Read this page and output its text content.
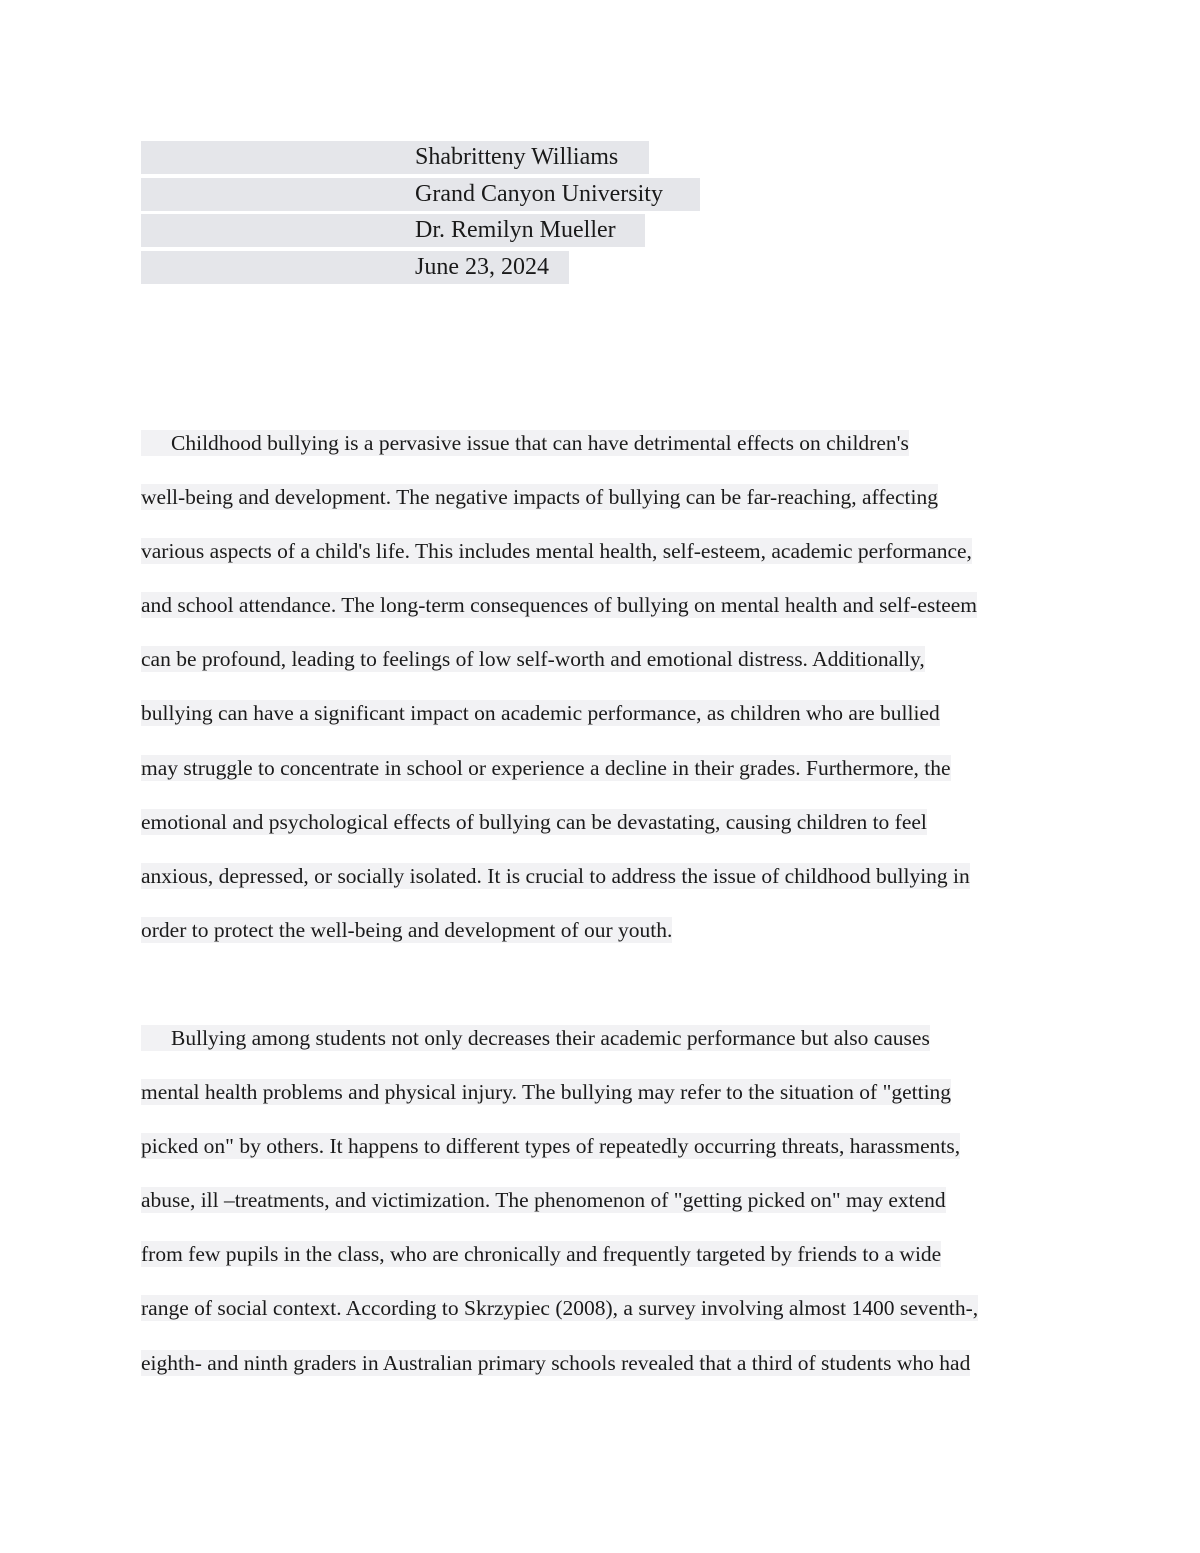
Shabritteny Williams
Grand Canyon University
Dr. Remilyn Mueller
June 23, 2024
Childhood bullying is a pervasive issue that can have detrimental effects on children's
well-being and development. The negative impacts of bullying can be far-reaching, affecting
various aspects of a child's life. This includes mental health, self-esteem, academic performance,
and school attendance. The long-term consequences of bullying on mental health and self-esteem
can be profound, leading to feelings of low self-worth and emotional distress. Additionally,
bullying can have a significant impact on academic performance, as children who are bullied
may struggle to concentrate in school or experience a decline in their grades. Furthermore, the
emotional and psychological effects of bullying can be devastating, causing children to feel
anxious, depressed, or socially isolated. It is crucial to address the issue of childhood bullying in
order to protect the well-being and development of our youth.
Bullying among students not only decreases their academic performance but also causes
mental health problems and physical injury. The bullying may refer to the situation of "getting
picked on" by others. It happens to different types of repeatedly occurring threats, harassments,
abuse, ill –treatments, and victimization. The phenomenon of "getting picked on" may extend
from few pupils in the class, who are chronically and frequently targeted by friends to a wide
range of social context. According to Skrzypiec (2008), a survey involving almost 1400 seventh-,
eighth- and ninth graders in Australian primary schools revealed that a third of students who had
